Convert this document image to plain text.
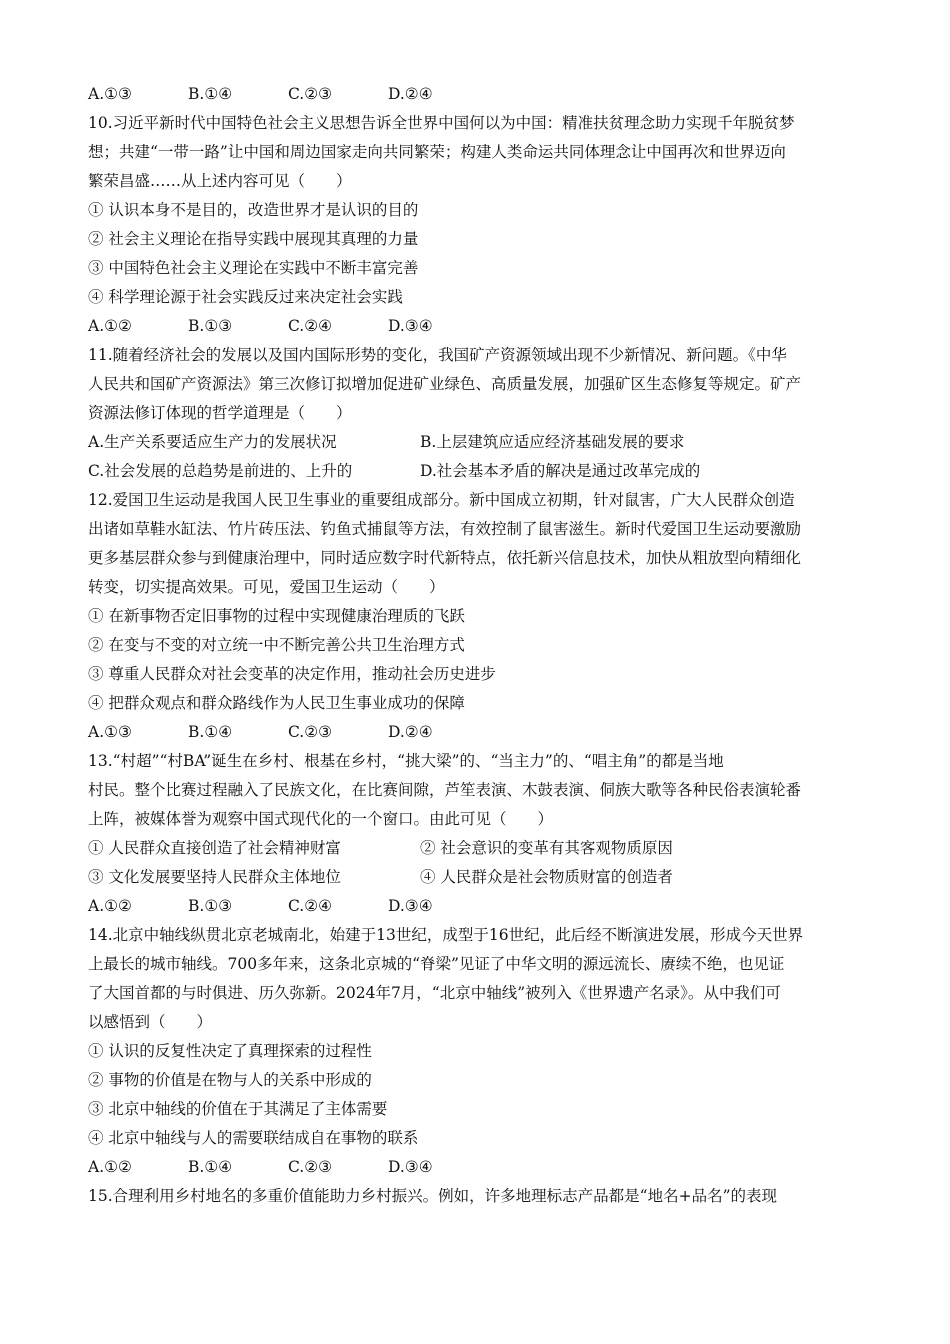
A.①③	B.①④	C.②③	D.②④
10.习近平新时代中国特色社会主义思想告诉全世界中国何以为中国：精准扶贫理念助力实现千年脱贫梦
想；共建“一带一路”让中国和周边国家走向共同繁荣；构建人类命运共同体理念让中国再次和世界迈向
繁荣昌盛……从上述内容可见（　　）
① 认识本身不是目的，改造世界才是认识的目的
② 社会主义理论在指导实践中展现其真理的力量
③ 中国特色社会主义理论在实践中不断丰富完善
④ 科学理论源于社会实践反过来决定社会实践
A.①②	B.①③	C.②④	D.③④
11.随着经济社会的发展以及国内国际形势的变化，我国矿产资源领域出现不少新情况、新问题。《中华
人民共和国矿产资源法》第三次修订拟增加促进矿业绿色、高质量发展，加强矿区生态修复等规定。矿产
资源法修订体现的哲学道理是（　　）
A.生产关系要适应生产力的发展状况	B.上层建筑应适应经济基础发展的要求
C.社会发展的总趋势是前进的、上升的	D.社会基本矛盾的解决是通过改革完成的
12.爱国卫生运动是我国人民卫生事业的重要组成部分。新中国成立初期，针对鼠害，广大人民群众创造
出诸如草鞋水缸法、竹片砖压法、钓鱼式捕鼠等方法，有效控制了鼠害滋生。新时代爱国卫生运动要激励
更多基层群众参与到健康治理中，同时适应数字时代新特点，依托新兴信息技术，加快从粗放型向精细化
转变，切实提高效果。可见，爱国卫生运动（　　）
① 在新事物否定旧事物的过程中实现健康治理质的飞跃
② 在变与不变的对立统一中不断完善公共卫生治理方式
③ 尊重人民群众对社会变革的决定作用，推动社会历史进步
④ 把群众观点和群众路线作为人民卫生事业成功的保障
A.①③	B.①④	C.②③	D.②④
13.“村超”“村BA”诞生在乡村、根基在乡村，“挑大梁”的、“当主力”的、“唱主角”的都是当地
村民。整个比赛过程融入了民族文化，在比赛间隙，芦笙表演、木鼓表演、侗族大歌等各种民俗表演轮番
上阵，被媒体誉为观察中国式现代化的一个窗口。由此可见（　　）
① 人民群众直接创造了社会精神财富	② 社会意识的变革有其客观物质原因
③ 文化发展要坚持人民群众主体地位	④ 人民群众是社会物质财富的创造者
A.①②	B.①③	C.②④	D.③④
14.北京中轴线纵贯北京老城南北，始建于13世纪，成型于16世纪，此后经不断演进发展，形成今天世界
上最长的城市轴线。700多年来，这条北京城的“脊梁”见证了中华文明的源远流长、赓续不绝，也见证
了大国首都的与时俱进、历久弥新。2024年7月，“北京中轴线”被列入《世界遗产名录》。从中我们可
以感悟到（　　）
① 认识的反复性决定了真理探索的过程性
② 事物的价值是在物与人的关系中形成的
③ 北京中轴线的价值在于其满足了主体需要
④ 北京中轴线与人的需要联结成自在事物的联系
A.①②	B.①④	C.②③	D.③④
15.合理利用乡村地名的多重价值能助力乡村振兴。例如，许多地理标志产品都是“地名+品名”的表现
